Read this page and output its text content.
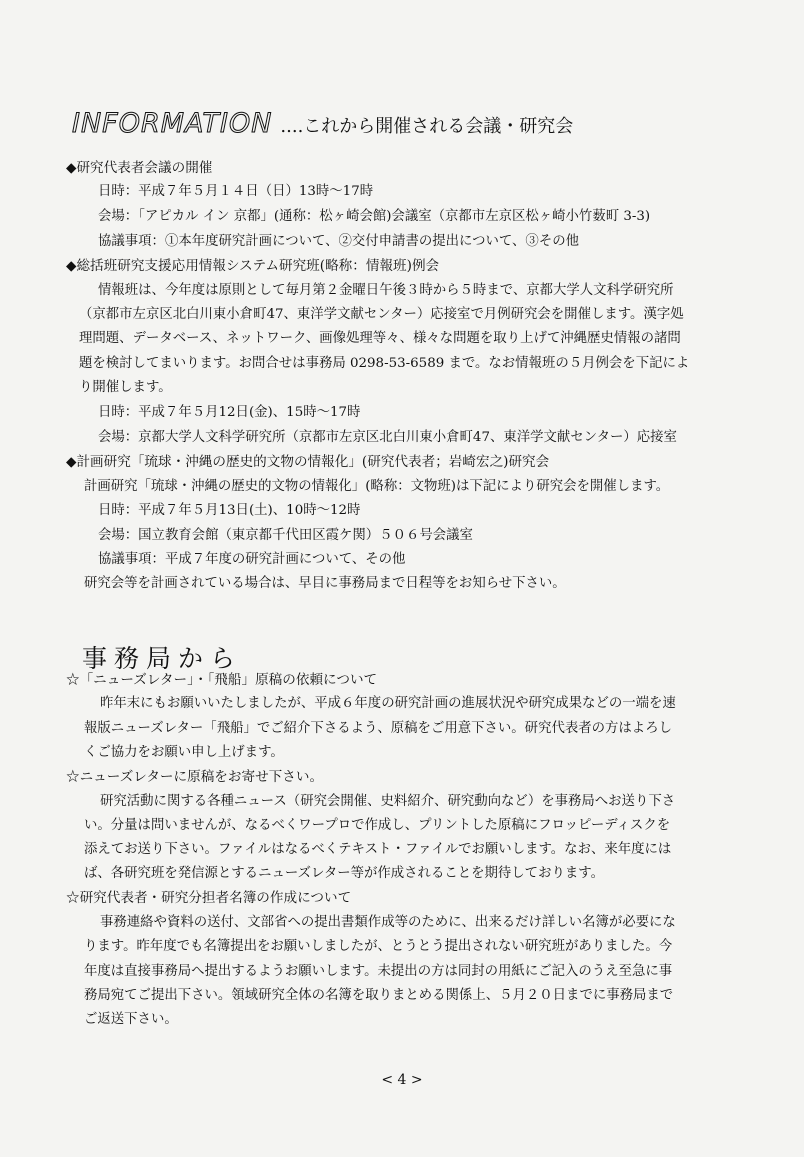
INFORMATION ....これから開催される会議・研究会

◆研究代表者会議の開催

日時：平成７年５月１４日（日）13時～17時

会場：「アピカル イン 京都」(通称：松ヶ崎会館)会議室（京都市左京区松ヶ崎小竹薮町 3-3)

協議事項：①本年度研究計画について、②交付申請書の提出について、③その他

◆総括班研究支援応用情報システム研究班(略称：情報班)例会

情報班は、今年度は原則として毎月第２金曜日午後３時から５時まで、京都大学人文科学研究所

（京都市左京区北白川東小倉町47、東洋学文献センター）応接室で月例研究会を開催します。漢字処

理問題、データベース、ネットワーク、画像処理等々、様々な問題を取り上げて沖縄歴史情報の諸問

題を検討してまいります。お問合せは事務局 0298-53-6589 まで。なお情報班の５月例会を下記によ

り開催します。

日時：平成７年５月12日(金)、15時～17時

会場：京都大学人文科学研究所（京都市左京区北白川東小倉町47、東洋学文献センター）応接室

◆計画研究「琉球・沖縄の歴史的文物の情報化」(研究代表者；岩崎宏之)研究会

計画研究「琉球・沖縄の歴史的文物の情報化」(略称：文物班)は下記により研究会を開催します。

日時：平成７年５月13日(土)、10時～12時

会場：国立教育会館（東京都千代田区霞ケ関）５０６号会議室

協議事項：平成７年度の研究計画について、その他

研究会等を計画されている場合は、早目に事務局まで日程等をお知らせ下さい。

事務局から

☆「ニューズレター」・「飛船」原稿の依頼について

昨年末にもお願いいたしましたが、平成６年度の研究計画の進展状況や研究成果などの一端を速

報版ニューズレター「飛船」でご紹介下さるよう、原稿をご用意下さい。研究代表者の方はよろし

くご協力をお願い申し上げます。

☆ニューズレターに原稿をお寄せ下さい。

研究活動に関する各種ニュース（研究会開催、史料紹介、研究動向など）を事務局へお送り下さ

い。分量は問いませんが、なるべくワープロで作成し、プリントした原稿にフロッピーディスクを

添えてお送り下さい。ファイルはなるべくテキスト・ファイルでお願いします。なお、来年度には

ば、各研究班を発信源とするニューズレター等が作成されることを期待しております。

☆研究代表者・研究分担者名簿の作成について

事務連絡や資料の送付、文部省への提出書類作成等のために、出来るだけ詳しい名簿が必要にな

ります。昨年度でも名簿提出をお願いしましたが、とうとう提出されない研究班がありました。今

年度は直接事務局へ提出するようお願いします。未提出の方は同封の用紙にご記入のうえ至急に事

務局宛てご提出下さい。領域研究全体の名簿を取りまとめる関係上、５月２０日までに事務局まで

ご返送下さい。

< 4 >
